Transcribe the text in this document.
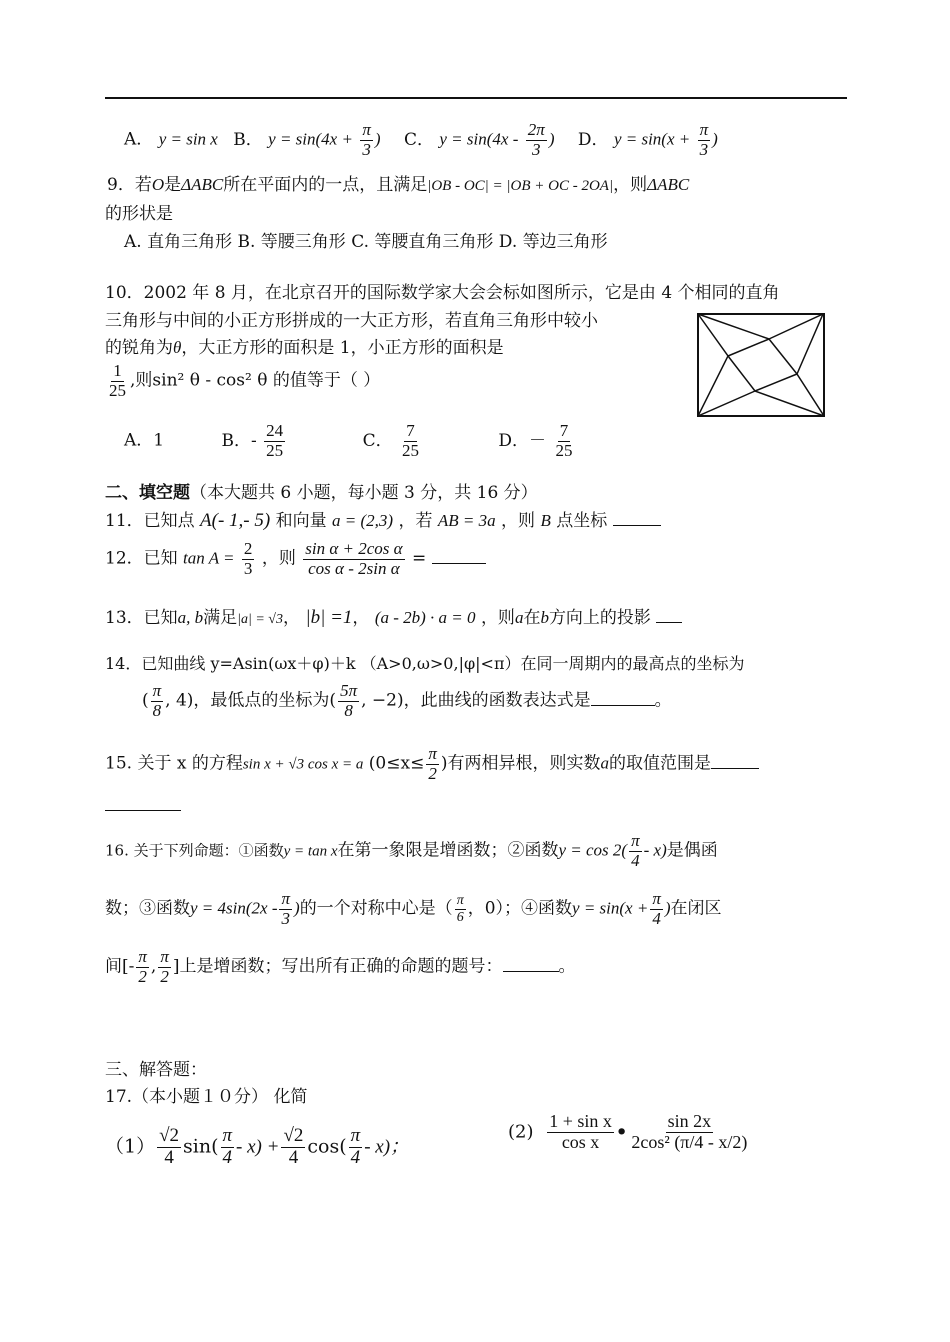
A． y = sin x B． $y = \sin(4x + \frac{\pi}{3}$ ) C． $y = \sin(4x - \frac{2\pi}{3}$ ) D． $y = \sin(x + \frac{\pi}{3}$ )
9．若O是ΔABC所在平面内的一点，且满足|OB - OC| = |OB + OC - 2OA|，则ΔABC
的形状是
A. 直角三角形 B. 等腰三角形 C. 等腰直角三角形 D. 等边三角形
10．2002 年 8 月，在北京召开的国际数学家大会会标如图所示，它是由 4 个相同的直角
三角形与中间的小正方形拼成的一大正方形，若直角三角形中较小
的锐角为θ，大正方形的面积是 1，小正方形的面积是
$\frac{1}{25}$ ,则sin² θ - cos² θ 的值等于（ ）
A．1	B．- $\frac{24}{25}$	C． $\frac{7}{25}$	D．－ $\frac{7}{25}$
二、填空题（本大题共 6 小题，每小题 3 分，共 16 分）
11．已知点 A(- 1,- 5) 和向量 a = (2,3) ，若 AB = 3a ，则 B 点坐标
12．已知 $\tan A = \frac{2}{3}$ ，则 $\frac{\text{sin α + 2cos α}}{\text{cos α - 2sin α}}$ =
13．已知a, b满足|a| = √3， |b| =1， (a - 2b) · a = 0 ，则a在b方向上的投影
14．已知曲线 y=Asin(ωx＋φ)＋k （A>0,ω>0,|φ|<π）在同一周期内的最高点的坐标为
( $\frac{\pi}{8}$ , 4)，最低点的坐标为( $\frac{5\pi}{8}$ , −2)，此曲线的函数表达式是	。
15. 关于 x 的方程sin x + √3 cos x = a ($0\le x\le \frac{\pi}{2}$ )有两相异根，则实数a的取值范围是
16. 关于下列命题：①函数y = tan x在第一象限是增函数；②函数$y = \cos 2( \frac{\pi}{4} - x)$是偶函
数；③函数$y = 4\sin(2x - \frac{\pi}{3}$ )的一个对称中心是（ $\frac{\pi}{6}$ ，0）；④函数$y = \sin(x + \frac{\pi}{4}$ )在闭区
间[- $\frac{\pi}{2}$ , $\frac{\pi}{2}$ ]上是增函数；写出所有正确的命题的题号：	。
三、解答题：
17.（本小题１０分） 化简
$(1) \frac{√2}{4} \sin( \frac{\pi}{4} - x) + \frac{√2}{4} \cos( \frac{\pi}{4} - x)$；
$(2) \frac{\text{1 + sin x}}{\text{cos x}}$ • $\frac{\sin 2x}{\text{2cos² (π/4 - x/2)}}$
